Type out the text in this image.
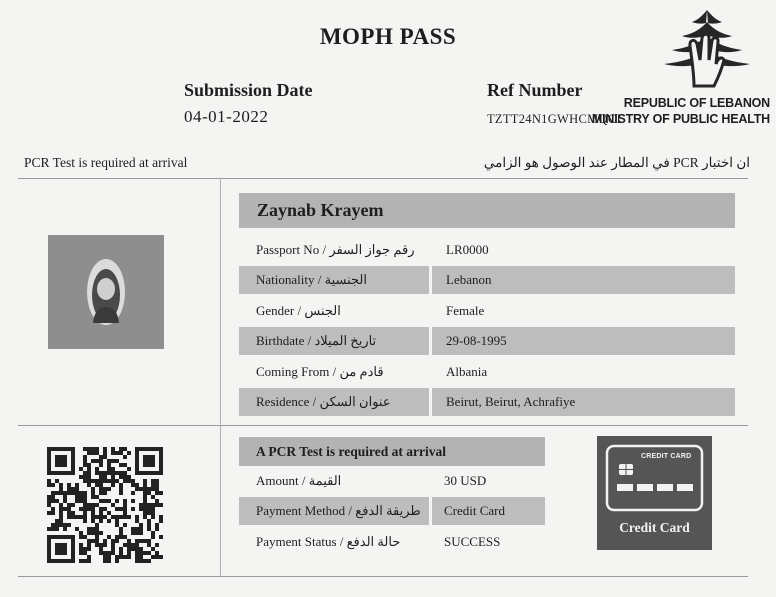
MOPH PASS
Submission Date
04-01-2022
Ref Number
TZTT24N1GWHCMQCI
REPUBLIC OF LEBANON
MINISTRY OF PUBLIC HEALTH
PCR Test is required at arrival	ان اختبار PCR في المطار عند الوصول هو الزامي
Zaynab Krayem
Passport No / رقم جواز السفر LR0000
Nationality / الجنسية	Lebanon
Gender / الجنس	Female
Birthdate / تاريخ الميلاد	29-08-1995
Coming From / قادم من	Albania
Residence / عنوان السكن	Beirut, Beirut, Achrafiye
A PCR Test is required at arrival
Amount / القيمة	30 USD
Payment Method / طريقة الدفع Credit Card
Payment Status / حالة الدفع	SUCCESS
CREDIT CARD
Credit Card
